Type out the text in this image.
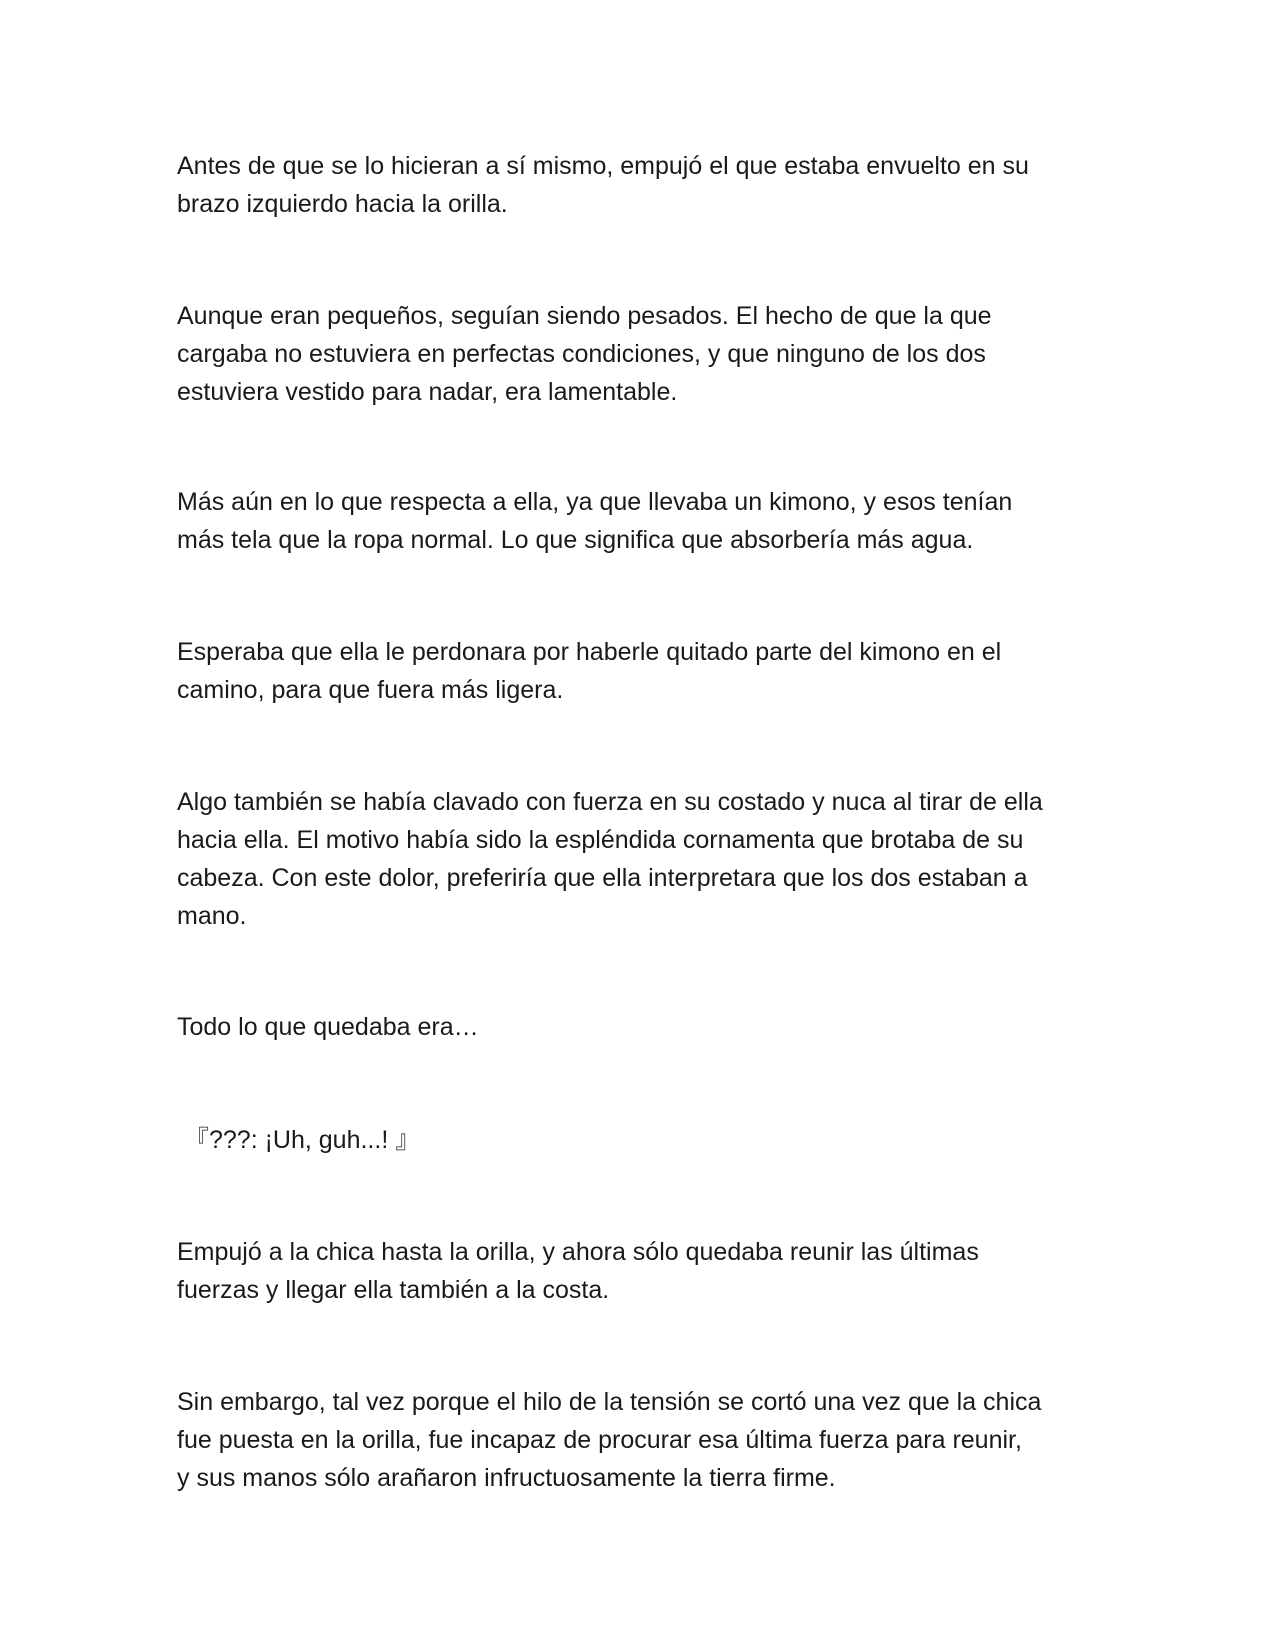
Antes de que se lo hicieran a sí mismo, empujó el que estaba envuelto en su
brazo izquierdo hacia la orilla.

Aunque eran pequeños, seguían siendo pesados. El hecho de que la que
cargaba no estuviera en perfectas condiciones, y que ninguno de los dos
estuviera vestido para nadar, era lamentable.

Más aún en lo que respecta a ella, ya que llevaba un kimono, y esos tenían
más tela que la ropa normal. Lo que significa que absorbería más agua.

Esperaba que ella le perdonara por haberle quitado parte del kimono en el
camino, para que fuera más ligera.

Algo también se había clavado con fuerza en su costado y nuca al tirar de ella
hacia ella. El motivo había sido la espléndida cornamenta que brotaba de su
cabeza. Con este dolor, preferiría que ella interpretara que los dos estaban a
mano.

Todo lo que quedaba era…

『???: ¡Uh, guh...! 』

Empujó a la chica hasta la orilla, y ahora sólo quedaba reunir las últimas
fuerzas y llegar ella también a la costa.

Sin embargo, tal vez porque el hilo de la tensión se cortó una vez que la chica
fue puesta en la orilla, fue incapaz de procurar esa última fuerza para reunir,
y sus manos sólo arañaron infructuosamente la tierra firme.
